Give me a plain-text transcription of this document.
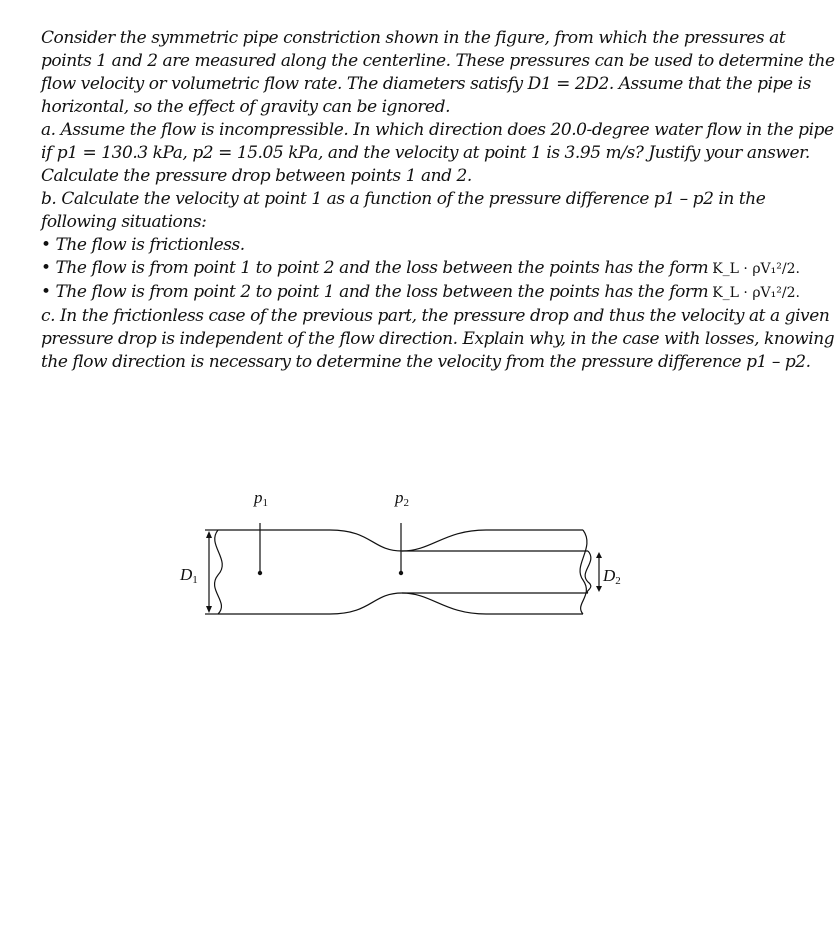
Consider the symmetric pipe constriction shown in the figure, from which the pressures at

points 1 and 2 are measured along the centerline. These pressures can be used to determine the

flow velocity or volumetric flow rate. The diameters satisfy D1 = 2D2. Assume that the pipe is

horizontal, so the effect of gravity can be ignored.

a. Assume the flow is incompressible. In which direction does 20.0-degree water flow in the pipe

if p1 = 130.3 kPa, p2 = 15.05 kPa, and the velocity at point 1 is 3.95 m/s? Justify your answer.

Calculate the pressure drop between points 1 and 2.

b. Calculate the velocity at point 1 as a function of the pressure difference p1 – p2 in the

following situations:

• The flow is frictionless.

• The flow is from point 1 to point 2 and the loss between the points has the form K_L · ρV₁²/2.

• The flow is from point 2 to point 1 and the loss between the points has the form K_L · ρV₁²/2.

c. In the frictionless case of the previous part, the pressure drop and thus the velocity at a given

pressure drop is independent of the flow direction. Explain why, in the case with losses, knowing

the flow direction is necessary to determine the velocity from the pressure difference p1 – p2.

p1	p2
D1	D2
